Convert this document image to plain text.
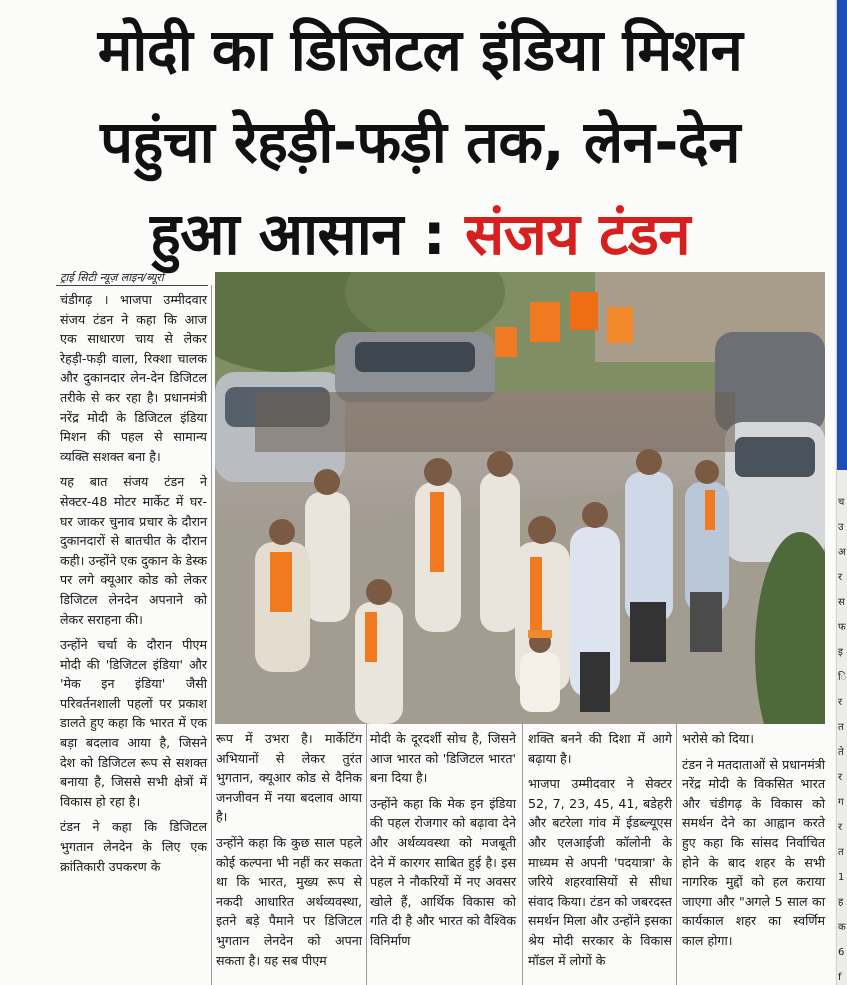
मोदी का डिजिटल इंडिया मिशन
पहुंचा रेहड़ी-फड़ी तक, लेन-देन
हुआ आसान : संजय टंडन
ट्राई सिटी न्यूज़ लाइन/ब्यूरो

चंडीगढ़ । भाजपा उम्मीदवार संजय टंडन ने कहा कि आज एक साधारण चाय से लेकर रेहड़ी-फड़ी वाला, रिक्शा चालक और दुकानदार लेन-देन डिजिटल तरीके से कर रहा है। प्रधानमंत्री नरेंद्र मोदी के डिजिटल इंडिया मिशन की पहल से सामान्य व्यक्ति सशक्त बना है।

यह बात संजय टंडन ने सेक्टर-48 मोटर मार्केट में घर-घर जाकर चुनाव प्रचार के दौरान दुकानदारों से बातचीत के दौरान कही। उन्होंने एक दुकान के डेस्क पर लगे क्यूआर कोड को लेकर डिजिटल लेनदेन अपनाने को लेकर सराहना की।

उन्होंने चर्चा के दौरान पीएम मोदी की 'डिजिटल इंडिया' और 'मेक इन इंडिया' जैसी परिवर्तनशाली पहलों पर प्रकाश डालते हुए कहा कि भारत में एक बड़ा बदलाव आया है, जिसने देश को डिजिटल रूप से सशक्त बनाया है, जिससे सभी क्षेत्रों में विकास हो रहा है।

टंडन ने कहा कि डिजिटल भुगतान लेनदेन के लिए एक क्रांतिकारी उपकरण के

रूप में उभरा है। मार्केटिंग अभियानों से लेकर तुरंत भुगतान, क्यूआर कोड से दैनिक जनजीवन में नया बदलाव आया है।

उन्होंने कहा कि कुछ साल पहले कोई कल्पना भी नहीं कर सकता था कि भारत, मुख्य रूप से नकदी आधारित अर्थव्यवस्था, इतने बड़े पैमाने पर डिजिटल भुगतान लेनदेन को अपना सकता है। यह सब पीएम

मोदी के दूरदर्शी सोच है, जिसने आज भारत को 'डिजिटल भारत' बना दिया है।

उन्होंने कहा कि मेक इन इंडिया की पहल रोजगार को बढ़ावा देने और अर्थव्यवस्था को मजबूती देने में कारगर साबित हुई है। इस पहल ने नौकरियों में नए अवसर खोले हैं, आर्थिक विकास को गति दी है और भारत को वैश्विक विनिर्माण

शक्ति बनने की दिशा में आगे बढ़ाया है।

भाजपा उम्मीदवार ने सेक्टर 52, 7, 23, 45, 41, बडेहरी और बटरेला गांव में ईडब्ल्यूएस और एलआईजी कॉलोनी के माध्यम से अपनी 'पदयात्रा' के जरिये शहरवासियों से सीधा संवाद किया। टंडन को जबरदस्त समर्थन मिला और उन्होंने इसका श्रेय मोदी सरकार के विकास मॉडल में लोगों के

भरोसे को दिया।

टंडन ने मतदाताओं से प्रधानमंत्री नरेंद्र मोदी के विकसित भारत और चंडीगढ़ के विकास को समर्थन देने का आह्वान करते हुए कहा कि सांसद निर्वाचित होने के बाद शहर के सभी नागरिक मुद्दों को हल कराया जाएगा और "अगले 5 साल का कार्यकाल शहर का स्वर्णिम काल होगा।

च उ अ र स फ इ ि र त ते र ग र त 1 ह क 6 f
